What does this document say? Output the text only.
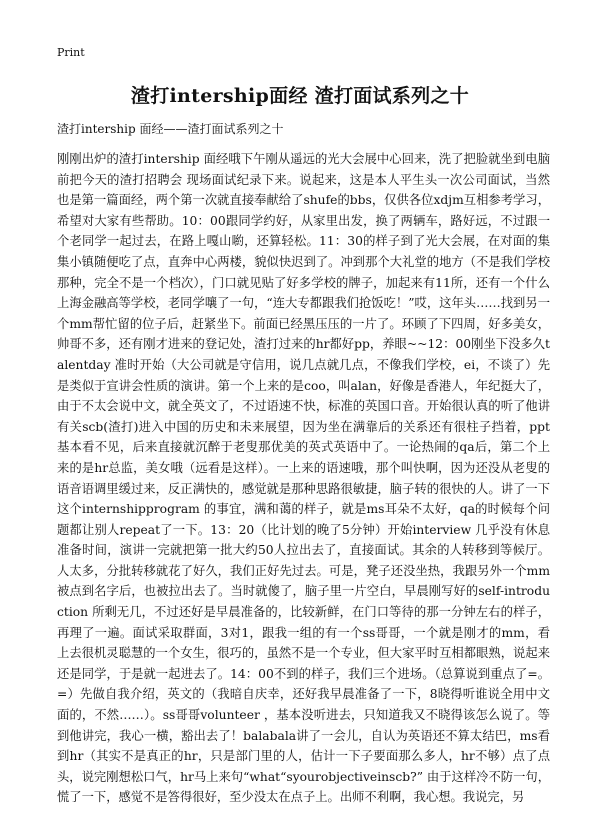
Print
渣打intership面经 渣打面试系列之十
渣打intership 面经——渣打面试系列之十
刚刚出炉的渣打intership 面经哦下午刚从遥远的光大会展中心回来，洗了把脸就坐到电脑前把今天的渣打招聘会 现场面试纪录下来。说起来，这是本人平生头一次公司面试，当然也是第一篇面经，两个第一次就直接奉献给了shufe的bbs，仅供各位xdjm互相参考学习，希望对大家有些帮助。10：00跟同学约好，从家里出发，换了两辆车，路好远，不过跟一个老同学一起过去，在路上嘎山喲，还算轻松。11：30的样子到了光大会展，在对面的集集小镇随便吃了点，直奔中心两楼，貌似快迟到了。冲到那个大礼堂的地方（不是我们学校那种，完全不是一个档次），门口就见贴了好多学校的牌子，加起来有11所，还有一个什么上海金融高等学校，老同学嚷了一句，“连大专都跟我们抢饭吃！”哎，这年头……找到另一个mm帮忙留的位子后，赶紧坐下。前面已经黑压压的一片了。环顾了下四周，好多美女，帅哥不多，还有刚才进来的登记处，渣打过来的hr都好pp，养眼~~12：00刚坐下没多久talentday 准时开始（大公司就是守信用，说几点就几点，不像我们学校，ei，不谈了）先是类似于宣讲会性质的演讲。第一个上来的是coo，叫alan，好像是香港人，年纪挺大了，由于不太会说中文，就全英文了，不过语速不快，标准的英国口音。开始很认真的听了他讲有关scb(渣打)进入中国的历史和未来展望，因为坐在满靠后的关系还有很柱子挡着，ppt基本看不见，后来直接就沉醉于老叟那优美的英式英语中了。一论热闹的qa后，第二个上来的是hr总监，美女哦（远看是这样）。一上来的语速哦，那个叫快啊，因为还没从老叟的语音语调里缓过来，反正满快的，感觉就是那种思路很敏捷，脑子转的很快的人。讲了一下这个internshipprogram 的事宜，满和蔼的样子，就是ms耳朵不太好，qa的时候每个问题都让别人repeat了一下。13：20（比计划的晚了5分钟）开始interview 几乎没有休息准备时间，演讲一完就把第一批大约50人拉出去了，直接面试。其余的人转移到等候厅。人太多，分批转移就花了好久，我们正好先过去。可是，凳子还没坐热，我跟另外一个mm被点到名字后，也被拉出去了。当时就傻了，脑子里一片空白，早晨刚写好的self-introduction 所剩无几，不过还好是早晨准备的，比较新鲜，在门口等待的那一分钟左右的样子，再理了一遍。面试采取群面，3对1，跟我一组的有一个ss哥哥，一个就是刚才的mm，看上去很机灵聪慧的一个女生，很巧的，虽然不是一个专业，但大家平时互相都眼熟，说起来还是同学，于是就一起进去了。14：00不到的样子，我们三个进场。（总算说到重点了=。=）先做自我介绍，英文的（我暗自庆幸，还好我早晨准备了一下，8晓得听谁说全用中文面的，不然……）。ss哥哥volunteer ，基本没听进去，只知道我又不晓得该怎么说了。等到他讲完，我心一横，豁出去了！balabala讲了一会儿，自认为英语还不算太结巴，ms看到hr（其实不是真正的hr，只是部门里的人，估计一下子要面那么多人，hr不够）点了点头，说完刚想松口气，hr马上来句“what“syourobjectiveinscb?” 由于这样冷不防一句，慌了一下，感觉不是答得很好，至少没太在点子上。出师不利啊，我心想。我说完，另
